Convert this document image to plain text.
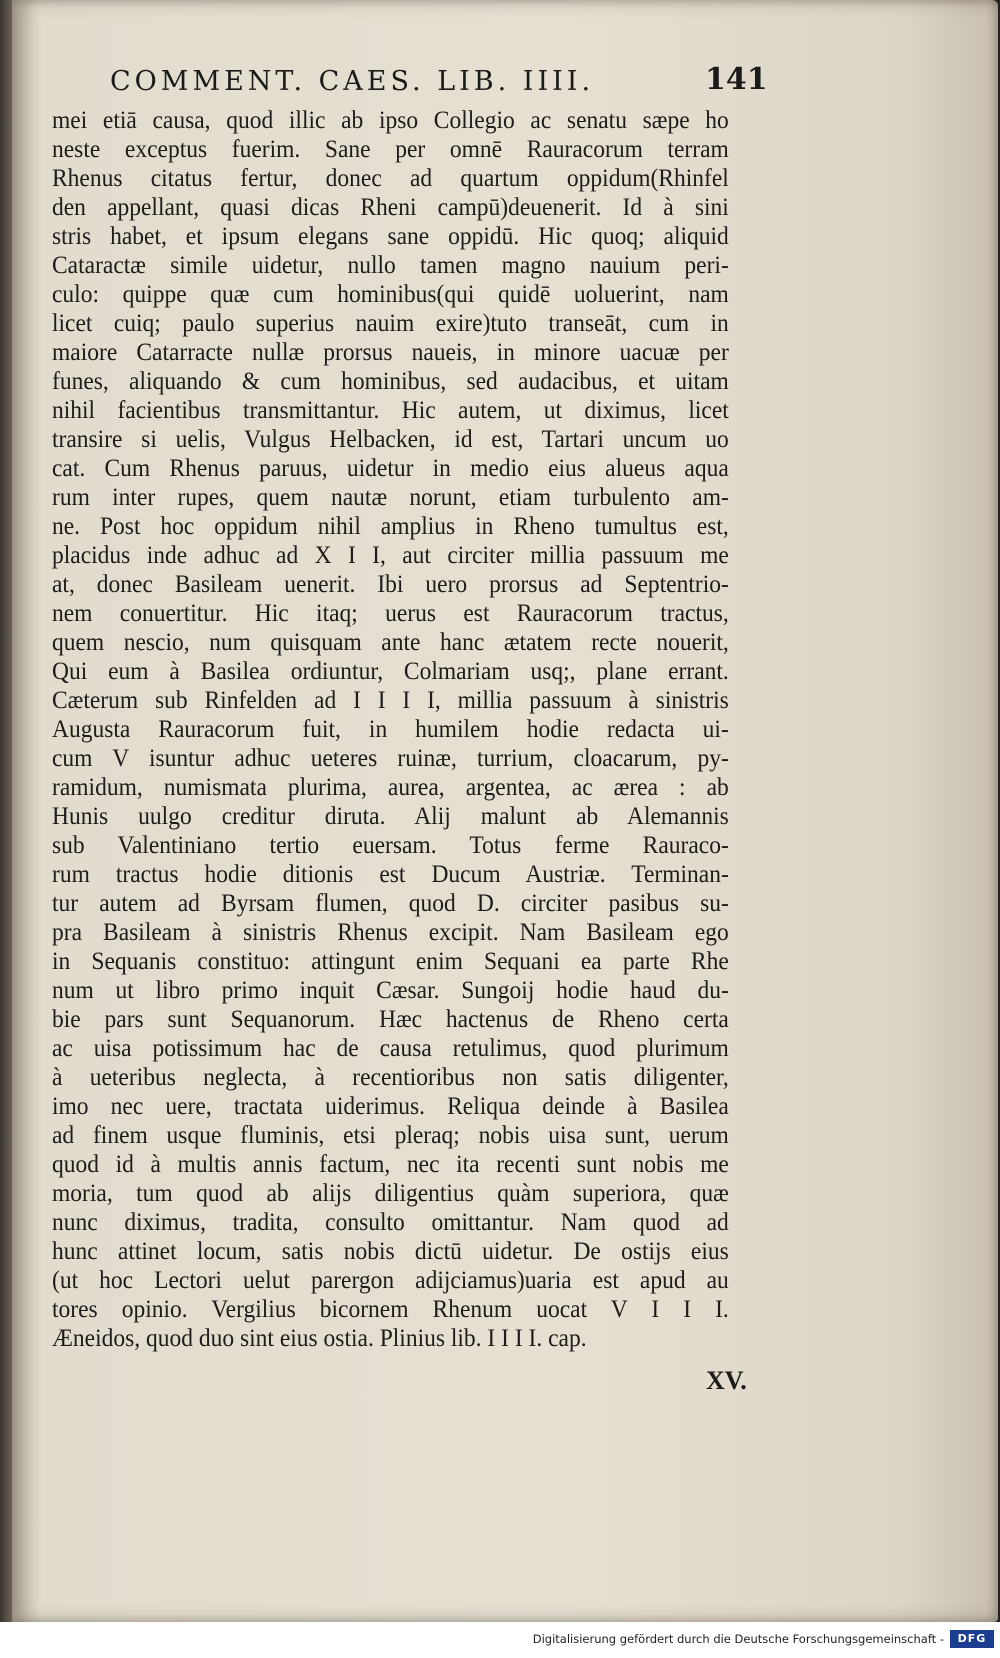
COMMENT. CAES. LIB. IIII.	141
mei etiā causa, quod illic ab ipso Collegio ac senatu sæpe ho
neste exceptus fuerim. Sane per omnē Rauracorum terram
Rhenus citatus fertur, donec ad quartum oppidum(Rhinfel
den appellant, quasi dicas Rheni campū)deuenerit. Id à sini
stris habet, et ipsum elegans sane oppidū. Hic quoq; aliquid
Cataractæ simile uidetur, nullo tamen magno nauium peri-
culo: quippe quæ cum hominibus(qui quidē uoluerint, nam
licet cuiq; paulo superius nauim exire)tuto transeāt, cum in
maiore Catarracte nullæ prorsus naueis, in minore uacuæ per
funes, aliquando & cum hominibus, sed audacibus, et uitam
nihil facientibus transmittantur. Hic autem, ut diximus, licet
transire si uelis, Vulgus Helbacken, id est, Tartari uncum uo
cat. Cum Rhenus paruus, uidetur in medio eius alueus aqua
rum inter rupes, quem nautæ norunt, etiam turbulento am-
ne. Post hoc oppidum nihil amplius in Rheno tumultus est,
placidus inde adhuc ad X I I, aut circiter millia passuum me
at, donec Basileam uenerit. Ibi uero prorsus ad Septentrio-
nem conuertitur. Hic itaq; uerus est Rauracorum tractus,
quem nescio, num quisquam ante hanc ætatem recte nouerit,
Qui eum à Basilea ordiuntur, Colmariam usq;, plane errant.
Cæterum sub Rinfelden ad I I I I, millia passuum à sinistris
Augusta Rauracorum fuit, in humilem hodie redacta ui-
cum V isuntur adhuc ueteres ruinæ, turrium, cloacarum, py-
ramidum, numismata plurima, aurea, argentea, ac ærea : ab
Hunis uulgo creditur diruta. Alij malunt ab Alemannis
sub Valentiniano tertio euersam. Totus ferme Rauraco-
rum tractus hodie ditionis est Ducum Austriæ. Terminan-
tur autem ad Byrsam flumen, quod D. circiter pasibus su-
pra Basileam à sinistris Rhenus excipit. Nam Basileam ego
in Sequanis constituo: attingunt enim Sequani ea parte Rhe
num ut libro primo inquit Cæsar. Sungoij hodie haud du-
bie pars sunt Sequanorum. Hæc hactenus de Rheno certa
ac uisa potissimum hac de causa retulimus, quod plurimum
à ueteribus neglecta, à recentioribus non satis diligenter,
imo nec uere, tractata uiderimus. Reliqua deinde à Basilea
ad finem usque fluminis, etsi pleraq; nobis uisa sunt, uerum
quod id à multis annis factum, nec ita recenti sunt nobis me
moria, tum quod ab alijs diligentius quàm superiora, quæ
nunc diximus, tradita, consulto omittantur. Nam quod ad
hunc attinet locum, satis nobis dictū uidetur. De ostijs eius
(ut hoc Lectori uelut parergon adijciamus)uaria est apud au
tores opinio. Vergilius bicornem Rhenum uocat V I I I.
Æneidos, quod duo sint eius ostia. Plinius lib. I I I I. cap.
XV.
Digitalisierung gefördert durch die Deutsche Forschungsgemeinschaft -	DFG
